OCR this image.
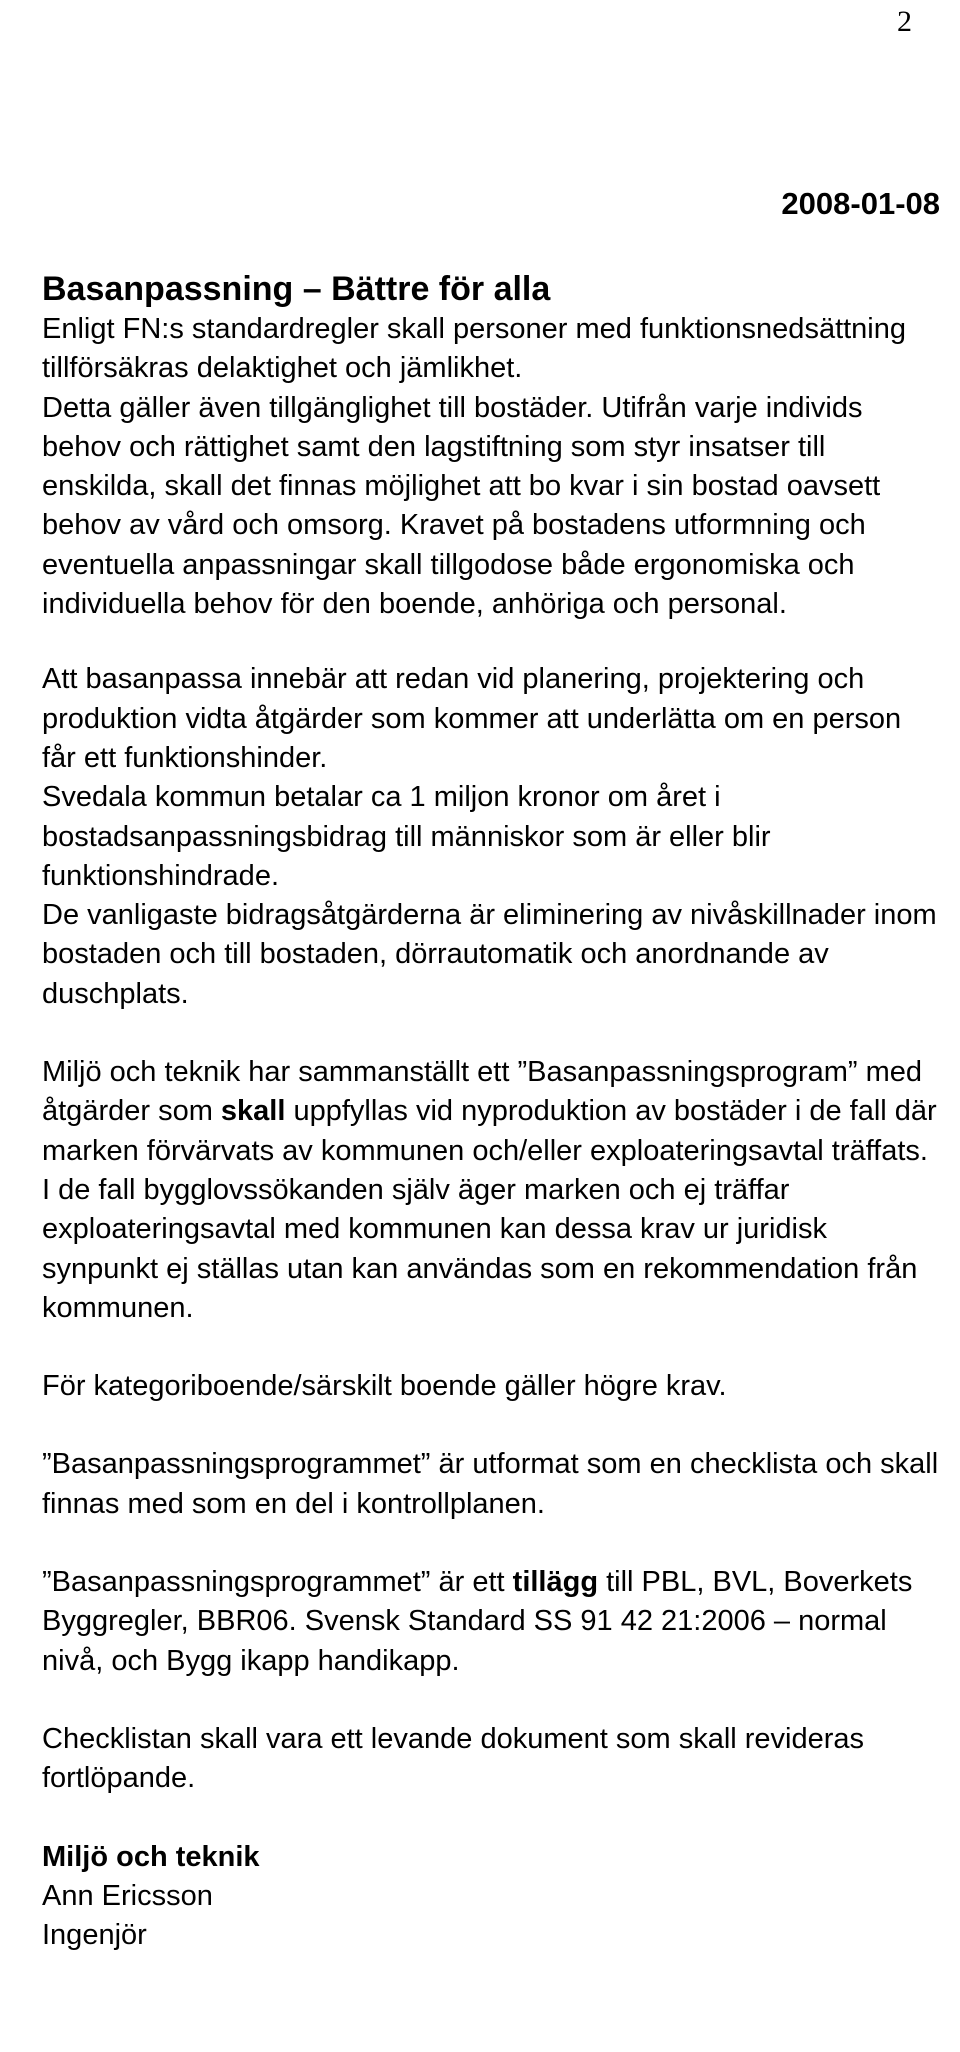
2
2008-01-08
Basanpassning – Bättre för alla

Enligt FN:s standardregler skall personer med funktionsnedsättning tillförsäkras delaktighet och jämlikhet.

Detta gäller även tillgänglighet till bostäder. Utifrån varje individs behov och rättighet samt den lagstiftning som styr insatser till enskilda, skall det finnas möjlighet att bo kvar i sin bostad oavsett behov av vård och omsorg. Kravet på bostadens utformning och eventuella anpassningar skall tillgodose både ergonomiska och individuella behov för den boende, anhöriga och personal.

Att basanpassa innebär att redan vid planering, projektering och produktion vidta åtgärder som kommer att underlätta om en person får ett funktionshinder.

Svedala kommun betalar ca 1 miljon kronor om året i bostadsanpassningsbidrag till människor som är eller blir funktionshindrade.

De vanligaste bidragsåtgärderna är eliminering av nivåskillnader inom bostaden och till bostaden, dörrautomatik och anordnande av duschplats.

Miljö och teknik har sammanställt ett ”Basanpassningsprogram” med åtgärder som skall uppfyllas vid nyproduktion av bostäder i de fall där marken förvärvats av kommunen och/eller exploateringsavtal träffats.

I de fall bygglovssökanden själv äger marken och ej träffar exploateringsavtal med kommunen kan dessa krav ur juridisk synpunkt ej ställas utan kan användas som en rekommendation från kommunen.

För kategoriboende/särskilt boende gäller högre krav.

”Basanpassningsprogrammet” är utformat som en checklista och skall finnas med som en del i kontrollplanen.

”Basanpassningsprogrammet” är ett tillägg till PBL, BVL, Boverkets Byggregler, BBR06. Svensk Standard SS 91 42 21:2006 – normal nivå, och Bygg ikapp handikapp.

Checklistan skall vara ett levande dokument som skall revideras fortlöpande.

Miljö och teknik
Ann Ericsson
Ingenjör
